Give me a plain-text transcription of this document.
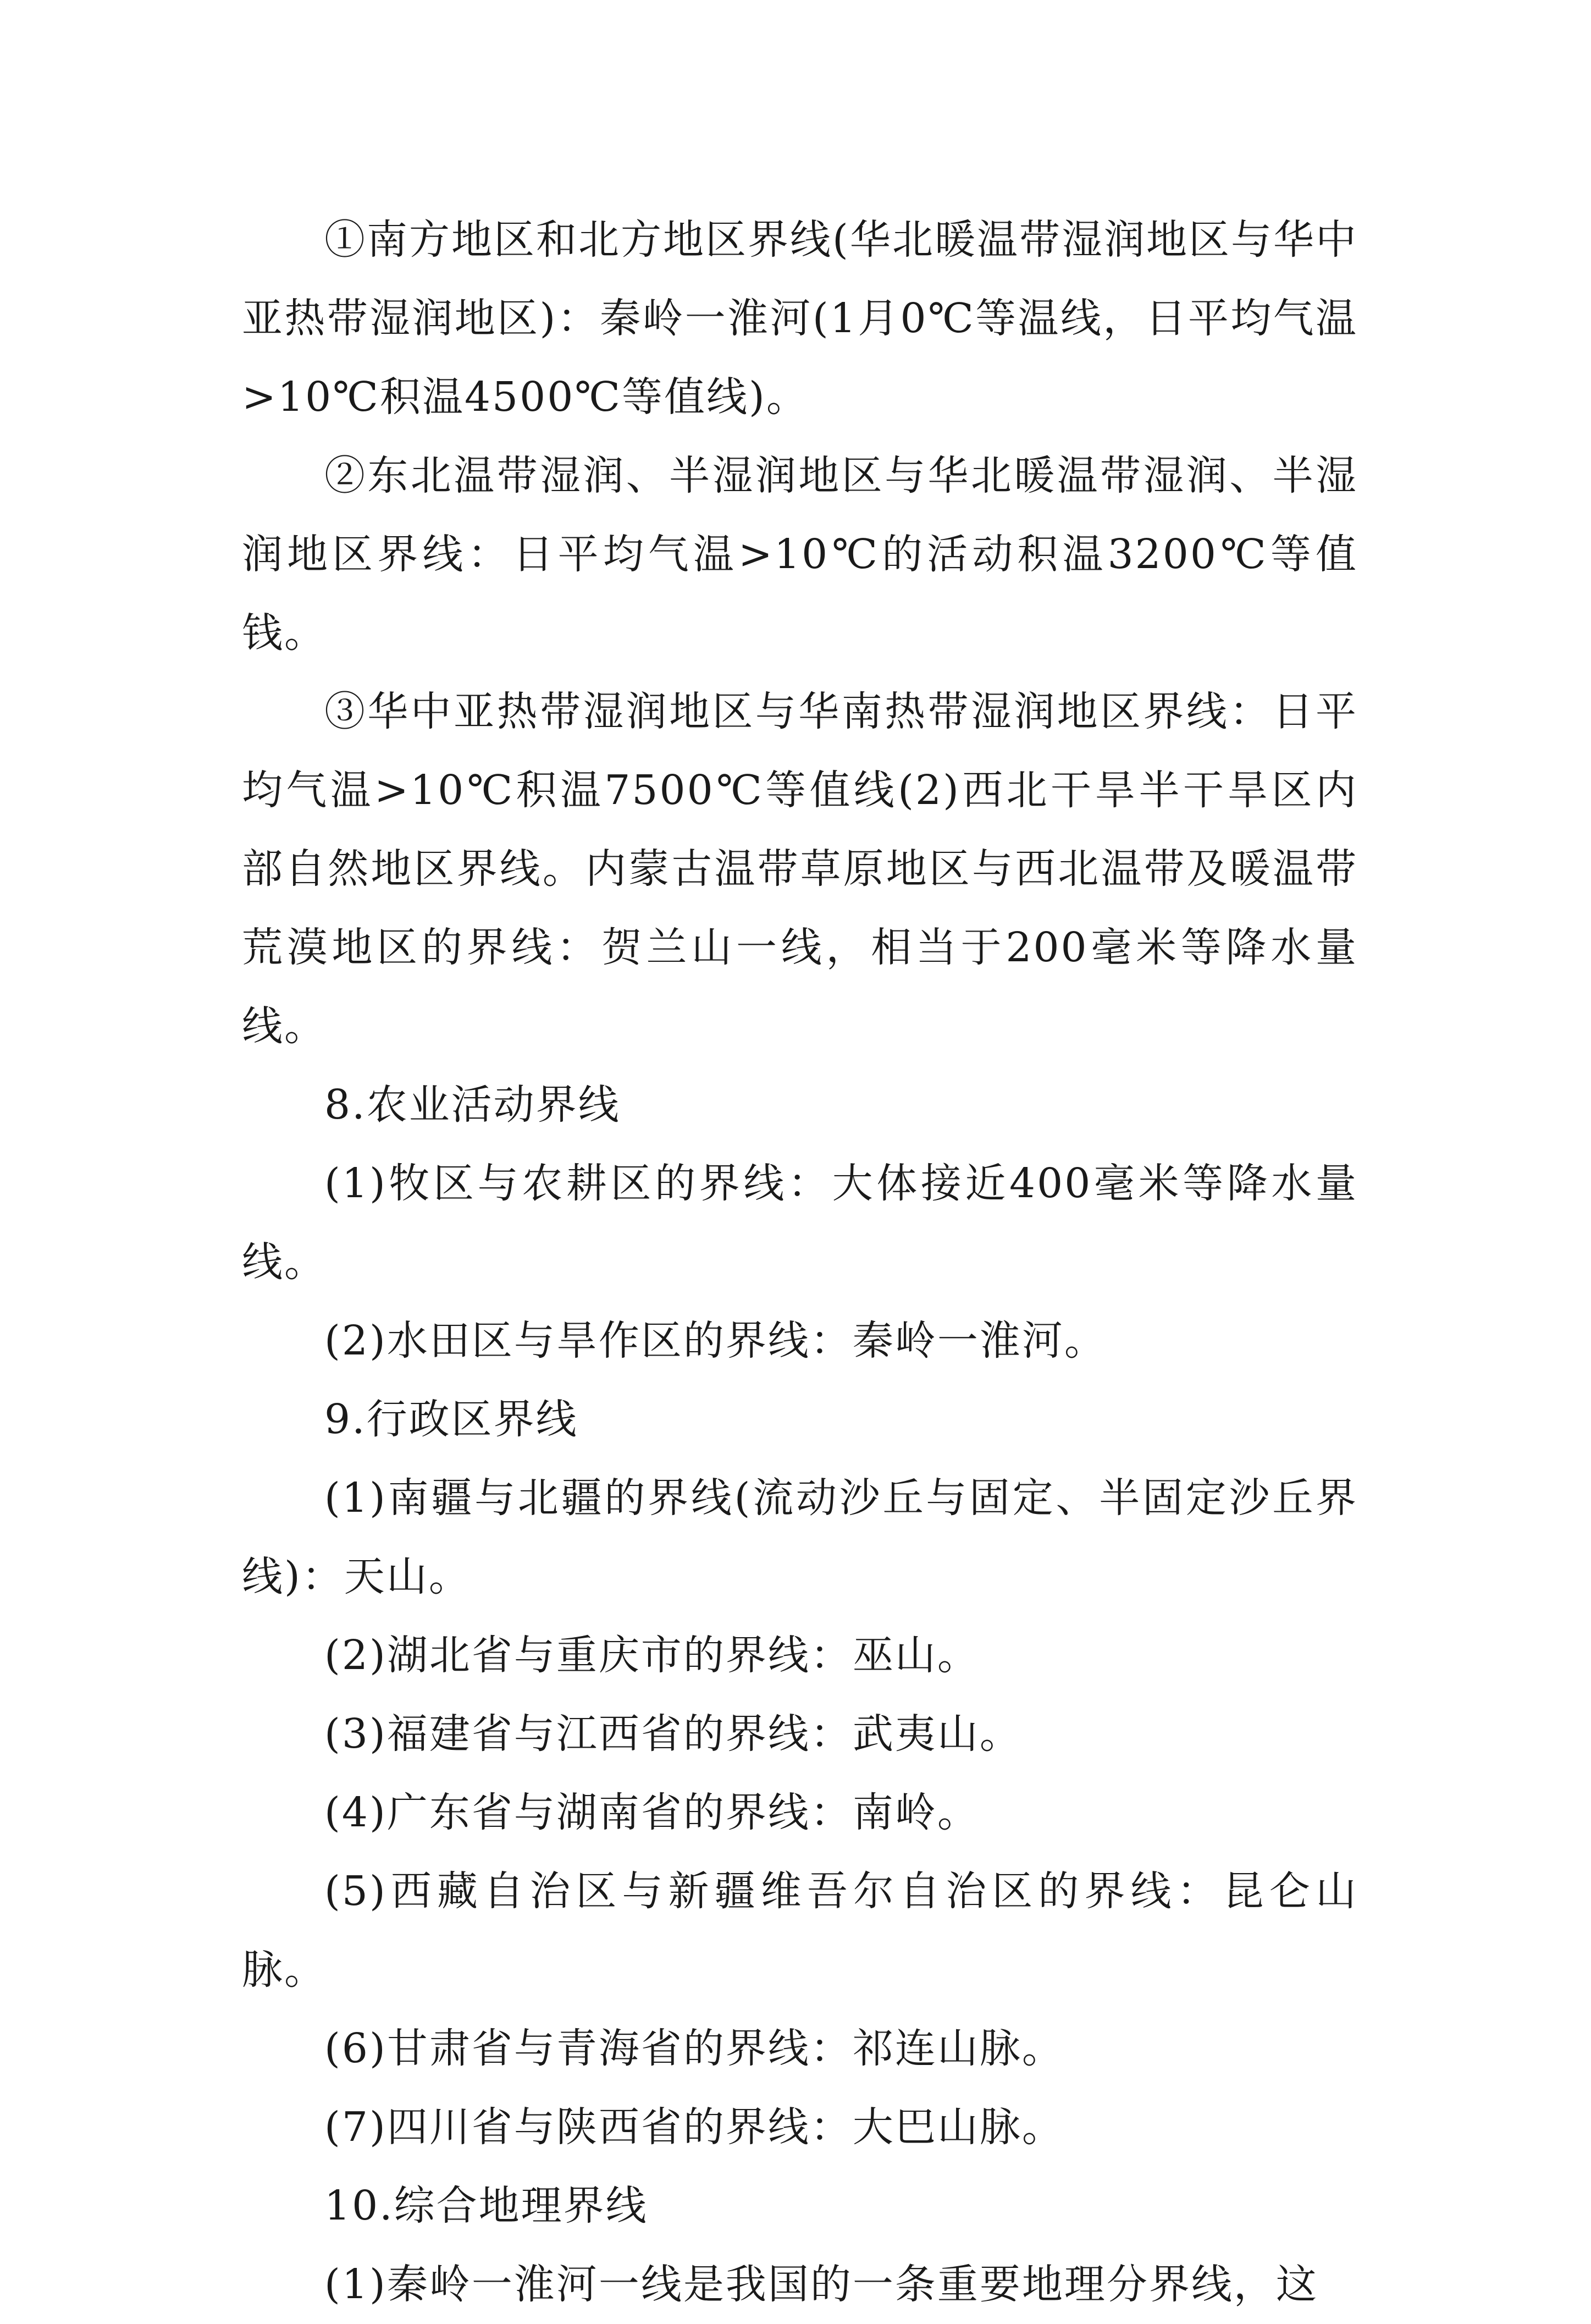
①南方地区和北方地区界线(华北暖温带湿润地区与华中亚热带湿润地区)：秦岭一淮河(1月0℃等温线，日平均气温>10℃积温4500℃等值线)。

②东北温带湿润、半湿润地区与华北暖温带湿润、半湿润地区界线：日平均气温>10℃的活动积温3200℃等值钱。

③华中亚热带湿润地区与华南热带湿润地区界线：日平均气温>10℃积温7500℃等值线(2)西北干旱半干旱区内部自然地区界线。内蒙古温带草原地区与西北温带及暖温带荒漠地区的界线：贺兰山一线，相当于200毫米等降水量线。

8.农业活动界线

(1)牧区与农耕区的界线：大体接近400毫米等降水量线。

(2)水田区与旱作区的界线：秦岭一淮河。

9.行政区界线

(1)南疆与北疆的界线(流动沙丘与固定、半固定沙丘界线)：天山。

(2)湖北省与重庆市的界线：巫山。

(3)福建省与江西省的界线：武夷山。

(4)广东省与湖南省的界线：南岭。

(5)西藏自治区与新疆维吾尔自治区的界线：昆仑山脉。

(6)甘肃省与青海省的界线：祁连山脉。

(7)四川省与陕西省的界线：大巴山脉。

10.综合地理界线

(1)秦岭一淮河一线是我国的一条重要地理分界线，这
